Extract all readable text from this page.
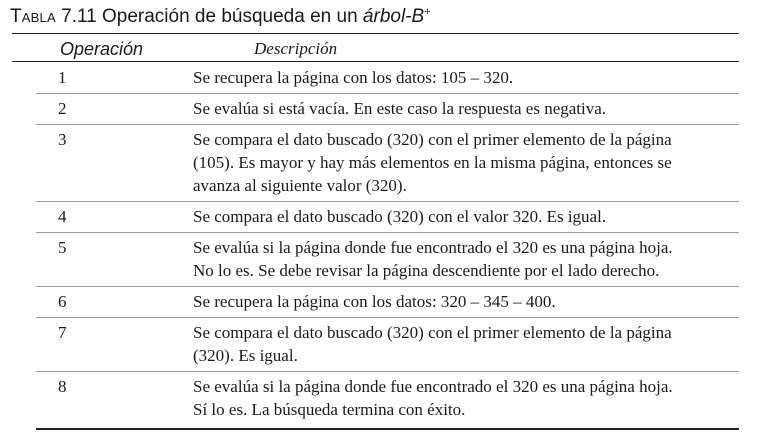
Tabla 7.11 Operación de búsqueda en un árbol-B+
Operación	Descripción
1	Se recupera la página con los datos: 105 – 320.
2	Se evalúa si está vacía. En este caso la respuesta es negativa.
3	Se compara el dato buscado (320) con el primer elemento de la página
(105). Es mayor y hay más elementos en la misma página, entonces se
avanza al siguiente valor (320).
4	Se compara el dato buscado (320) con el valor 320. Es igual.
5	Se evalúa si la página donde fue encontrado el 320 es una página hoja.
No lo es. Se debe revisar la página descendiente por el lado derecho.
6	Se recupera la página con los datos: 320 – 345 – 400.
7	Se compara el dato buscado (320) con el primer elemento de la página
(320). Es igual.
8	Se evalúa si la página donde fue encontrado el 320 es una página hoja.
Sí lo es. La búsqueda termina con éxito.
